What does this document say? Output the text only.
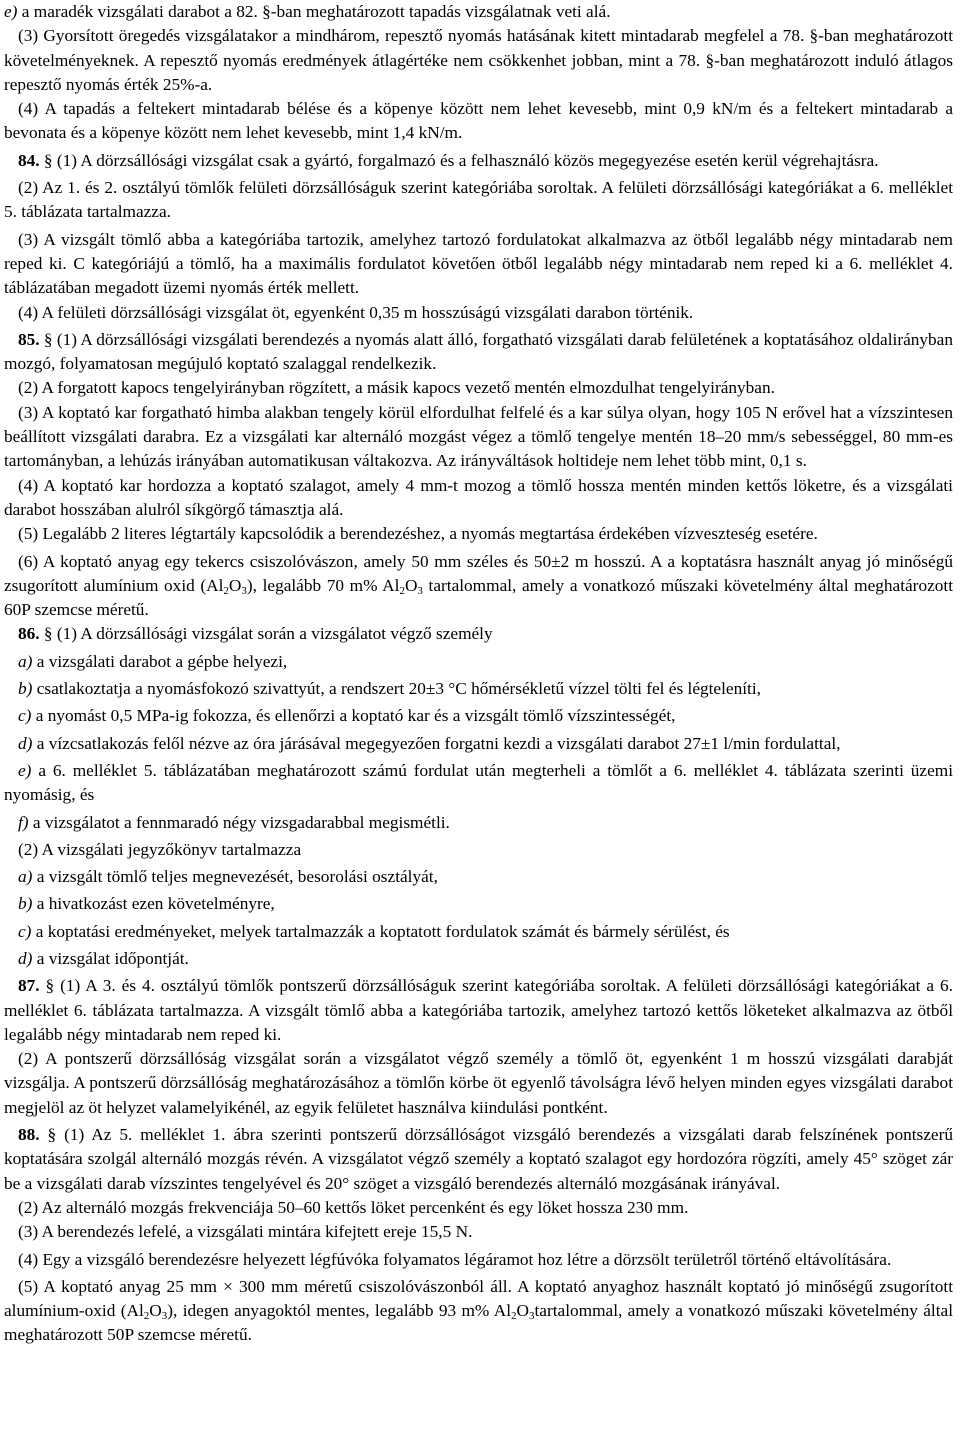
e) a maradék vizsgálati darabot a 82. §-ban meghatározott tapadás vizsgálatnak veti alá.

(3) Gyorsított öregedés vizsgálatakor a mindhárom, repesztő nyomás hatásának kitett mintadarab megfelel a 78. §-ban meghatározott követelményeknek. A repesztő nyomás eredmények átlagértéke nem csökkenhet jobban, mint a 78. §-ban meghatározott induló átlagos repesztő nyomás érték 25%-a.

(4) A tapadás a feltekert mintadarab bélése és a köpenye között nem lehet kevesebb, mint 0,9 kN/m és a feltekert mintadarab a bevonata és a köpenye között nem lehet kevesebb, mint 1,4 kN/m.

84. § (1) A dörzsállósági vizsgálat csak a gyártó, forgalmazó és a felhasználó közös megegyezése esetén kerül végrehajtásra.

(2) Az 1. és 2. osztályú tömlők felületi dörzsállóságuk szerint kategóriába soroltak. A felületi dörzsállósági kategóriákat a 6. melléklet 5. táblázata tartalmazza.

(3) A vizsgált tömlő abba a kategóriába tartozik, amelyhez tartozó fordulatokat alkalmazva az ötből legalább négy mintadarab nem reped ki. C kategóriájú a tömlő, ha a maximális fordulatot követően ötből legalább négy mintadarab nem reped ki a 6. melléklet 4. táblázatában megadott üzemi nyomás érték mellett.

(4) A felületi dörzsállósági vizsgálat öt, egyenként 0,35 m hosszúságú vizsgálati darabon történik.

85. § (1) A dörzsállósági vizsgálati berendezés a nyomás alatt álló, forgatható vizsgálati darab felületének a koptatásához oldalirányban mozgó, folyamatosan megújuló koptató szalaggal rendelkezik.

(2) A forgatott kapocs tengelyirányban rögzített, a másik kapocs vezető mentén elmozdulhat tengelyirányban.

(3) A koptató kar forgatható himba alakban tengely körül elfordulhat felfelé és a kar súlya olyan, hogy 105 N erővel hat a vízszintesen beállított vizsgálati darabra. Ez a vizsgálati kar alternáló mozgást végez a tömlő tengelye mentén 18–20 mm/s sebességgel, 80 mm-es tartományban, a lehúzás irányában automatikusan váltakozva. Az irányváltások holtideje nem lehet több mint, 0,1 s.

(4) A koptató kar hordozza a koptató szalagot, amely 4 mm-t mozog a tömlő hossza mentén minden kettős löketre, és a vizsgálati darabot hosszában alulról síkgörgő támasztja alá.

(5) Legalább 2 literes légtartály kapcsolódik a berendezéshez, a nyomás megtartása érdekében vízveszteség esetére.

(6) A koptató anyag egy tekercs csiszolóvászon, amely 50 mm széles és 50±2 m hosszú. A a koptatásra használt anyag jó minőségű zsugorított alumínium oxid (Al2O3), legalább 70 m% Al2O3 tartalommal, amely a vonatkozó műszaki követelmény által meghatározott 60P szemcse méretű.

86. § (1) A dörzsállósági vizsgálat során a vizsgálatot végző személy

a) a vizsgálati darabot a gépbe helyezi,

b) csatlakoztatja a nyomásfokozó szivattyút, a rendszert 20±3 °C hőmérsékletű vízzel tölti fel és légteleníti,

c) a nyomást 0,5 MPa-ig fokozza, és ellenőrzi a koptató kar és a vizsgált tömlő vízszintességét,

d) a vízcsatlakozás felől nézve az óra járásával megegyezően forgatni kezdi a vizsgálati darabot 27±1 l/min fordulattal,

e) a 6. melléklet 5. táblázatában meghatározott számú fordulat után megterheli a tömlőt a 6. melléklet 4. táblázata szerinti üzemi nyomásig, és

f) a vizsgálatot a fennmaradó négy vizsgadarabbal megismétli.

(2) A vizsgálati jegyzőkönyv tartalmazza

a) a vizsgált tömlő teljes megnevezését, besorolási osztályát,

b) a hivatkozást ezen követelményre,

c) a koptatási eredményeket, melyek tartalmazzák a koptatott fordulatok számát és bármely sérülést, és

d) a vizsgálat időpontját.

87. § (1) A 3. és 4. osztályú tömlők pontszerű dörzsállóságuk szerint kategóriába soroltak. A felületi dörzsállósági kategóriákat a 6. melléklet 6. táblázata tartalmazza. A vizsgált tömlő abba a kategóriába tartozik, amelyhez tartozó kettős löketeket alkalmazva az ötből legalább négy mintadarab nem reped ki.

(2) A pontszerű dörzsállóság vizsgálat során a vizsgálatot végző személy a tömlő öt, egyenként 1 m hosszú vizsgálati darabját vizsgálja. A pontszerű dörzsállóság meghatározásához a tömlőn körbe öt egyenlő távolságra lévő helyen minden egyes vizsgálati darabot megjelöl az öt helyzet valamelyikénél, az egyik felületet használva kiindulási pontként.

88. § (1) Az 5. melléklet 1. ábra szerinti pontszerű dörzsállóságot vizsgáló berendezés a vizsgálati darab felszínének pontszerű koptatására szolgál alternáló mozgás révén. A vizsgálatot végző személy a koptató szalagot egy hordozóra rögzíti, amely 45° szöget zár be a vizsgálati darab vízszintes tengelyével és 20° szöget a vizsgáló berendezés alternáló mozgásának irányával.

(2) Az alternáló mozgás frekvenciája 50–60 kettős löket percenként és egy löket hossza 230 mm.

(3) A berendezés lefelé, a vizsgálati mintára kifejtett ereje 15,5 N.

(4) Egy a vizsgáló berendezésre helyezett légfúvóka folyamatos légáramot hoz létre a dörzsölt területről történő eltávolítására.

(5) A koptató anyag 25 mm × 300 mm méretű csiszolóvászonból áll. A koptató anyaghoz használt koptató jó minőségű zsugorított alumínium-oxid (Al2O3), idegen anyagoktól mentes, legalább 93 m% Al2O3tartalommal, amely a vonatkozó műszaki követelmény által meghatározott 50P szemcse méretű.
